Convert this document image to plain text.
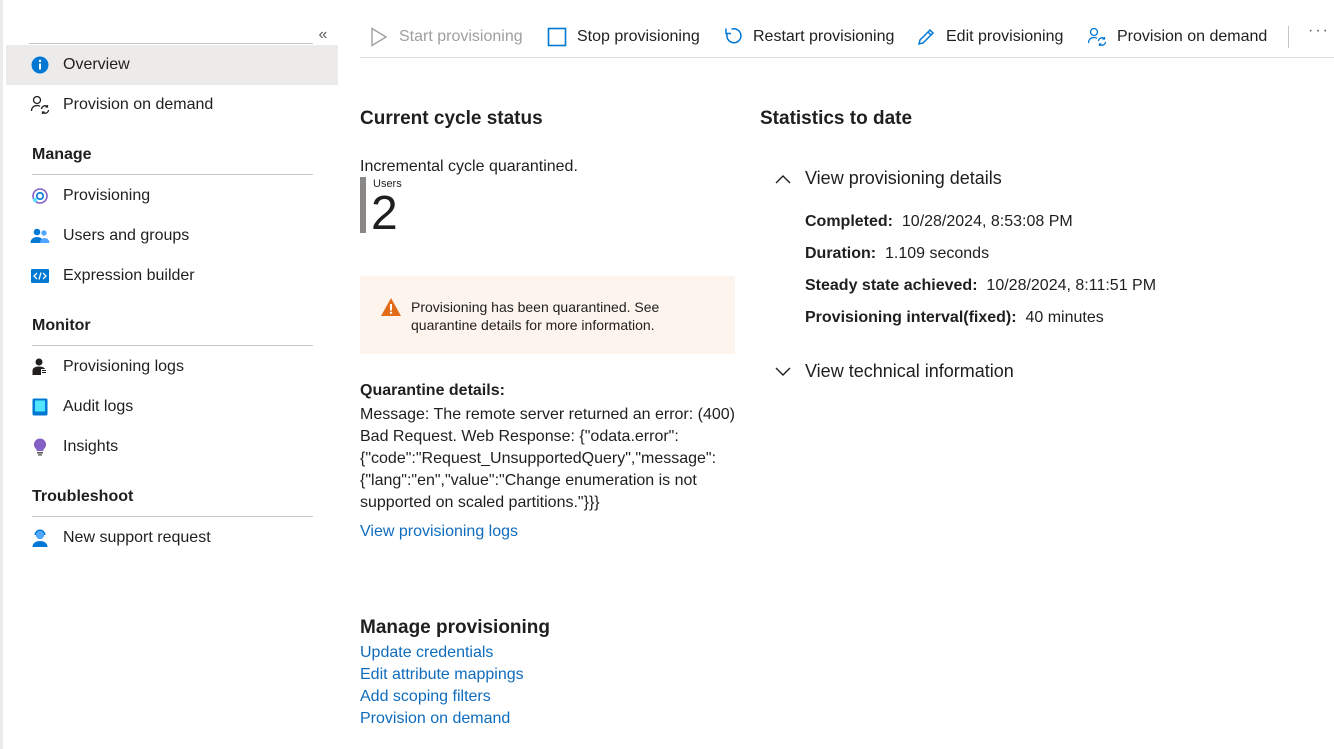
«
Overview
Provision on demand
Manage
Provisioning
Users and groups
Expression builder
Monitor
Provisioning logs
Audit logs
Insights
Troubleshoot
New support request
Start provisioning	Stop provisioning	Restart provisioning	Edit provisioning	Provision on demand	···
Current cycle status
Incremental cycle quarantined.
Users
2
Provisioning has been quarantined. See quarantine details for more information.
Quarantine details:
Message: The remote server returned an error: (400) Bad Request. Web Response: {"odata.error":{"code":"Request_UnsupportedQuery","message":{"lang":"en","value":"Change enumeration is not supported on scaled partitions."}}}
View provisioning logs
Manage provisioning
Update credentials
Edit attribute mappings
Add scoping filters
Provision on demand
Statistics to date
View provisioning details
Completed: 10/28/2024, 8:53:08 PM
Duration: 1.109 seconds
Steady state achieved: 10/28/2024, 8:11:51 PM
Provisioning interval(fixed): 40 minutes
View technical information
